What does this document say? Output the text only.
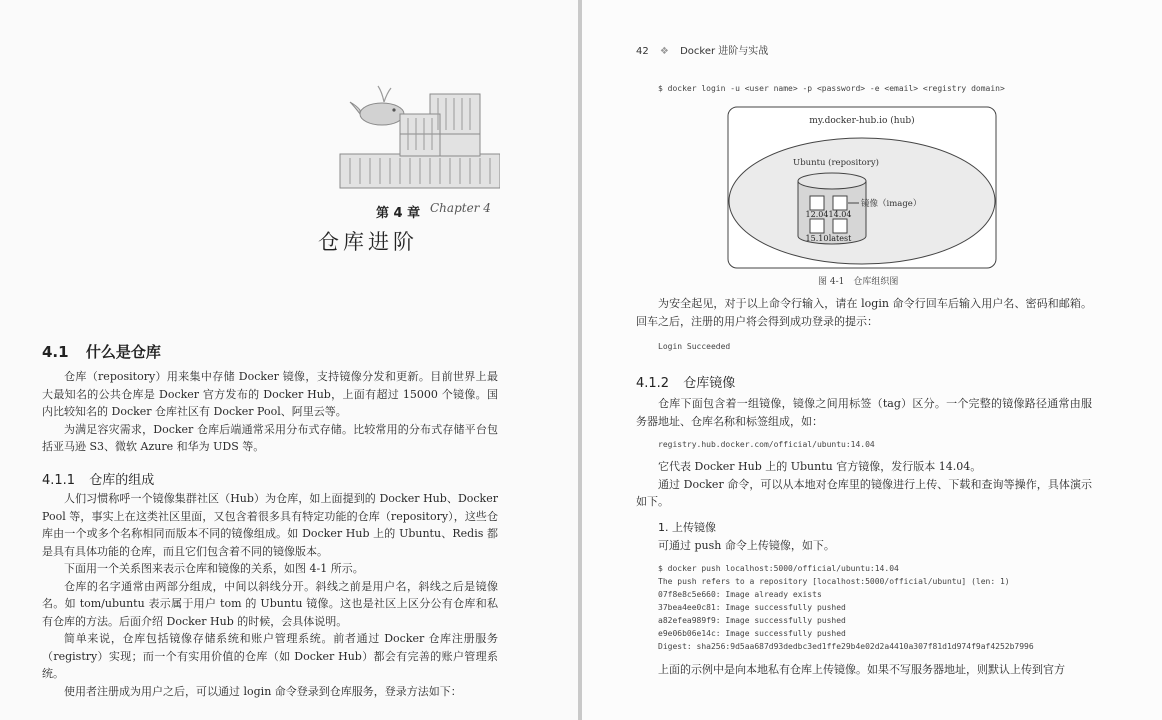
第 4 章 Chapter 4
仓库进阶
4.1 什么是仓库

仓库（repository）用来集中存储 Docker 镜像，支持镜像分发和更新。目前世界上最大最知名的公共仓库是 Docker 官方发布的 Docker Hub，上面有超过 15000 个镜像。国内比较知名的 Docker 仓库社区有 Docker Pool、阿里云等。

为满足容灾需求，Docker 仓库后端通常采用分布式存储。比较常用的分布式存储平台包括亚马逊 S3、微软 Azure 和华为 UDS 等。

4.1.1 仓库的组成

人们习惯称呼一个镜像集群社区（Hub）为仓库，如上面提到的 Docker Hub、Docker Pool 等，事实上在这类社区里面，又包含着很多具有特定功能的仓库（repository），这些仓库由一个或多个名称相同而版本不同的镜像组成。如 Docker Hub 上的 Ubuntu、Redis 都是具有具体功能的仓库，而且它们包含着不同的镜像版本。

下面用一个关系图来表示仓库和镜像的关系，如图 4-1 所示。

仓库的名字通常由两部分组成，中间以斜线分开。斜线之前是用户名，斜线之后是镜像名。如 tom/ubuntu 表示属于用户 tom 的 Ubuntu 镜像。这也是社区上区分公有仓库和私有仓库的方法。后面介绍 Docker Hub 的时候，会具体说明。

简单来说，仓库包括镜像存储系统和账户管理系统。前者通过 Docker 仓库注册服务（registry）实现；而一个有实用价值的仓库（如 Docker Hub）都会有完善的账户管理系统。

使用者注册成为用户之后，可以通过 login 命令登录到仓库服务，登录方法如下：

42 ❖ Docker 进阶与实战
$ docker login -u <user name> -p <password> -e <email> <registry domain>
my.docker-hub.io (hub)
Ubuntu (repository)
12.04 14.04
15.10 latest
镜像（image）
图 4-1　仓库组织图

为安全起见，对于以上命令行输入，请在 login 命令行回车后输入用户名、密码和邮箱。回车之后，注册的用户将会得到成功登录的提示：

Login Succeeded
4.1.2 仓库镜像

仓库下面包含着一组镜像，镜像之间用标签（tag）区分。一个完整的镜像路径通常由服务器地址、仓库名称和标签组成，如：

registry.hub.docker.com/official/ubuntu:14.04

它代表 Docker Hub 上的 Ubuntu 官方镜像，发行版本 14.04。

通过 Docker 命令，可以从本地对仓库里的镜像进行上传、下载和查询等操作，具体演示如下。

1. 上传镜像

可通过 push 命令上传镜像，如下。

$ docker push localhost:5000/official/ubuntu:14.04
The push refers to a repository [localhost:5000/official/ubuntu] (len: 1)
07f8e8c5e660: Image already exists
37bea4ee0c81: Image successfully pushed
a82efea989f9: Image successfully pushed
e9e06b06e14c: Image successfully pushed
Digest: sha256:9d5aa687d93dedbc3ed1ffe29b4e02d2a4410a307f81d1d974f9af4252b7996

上面的示例中是向本地私有仓库上传镜像。如果不写服务器地址，则默认上传到官方
